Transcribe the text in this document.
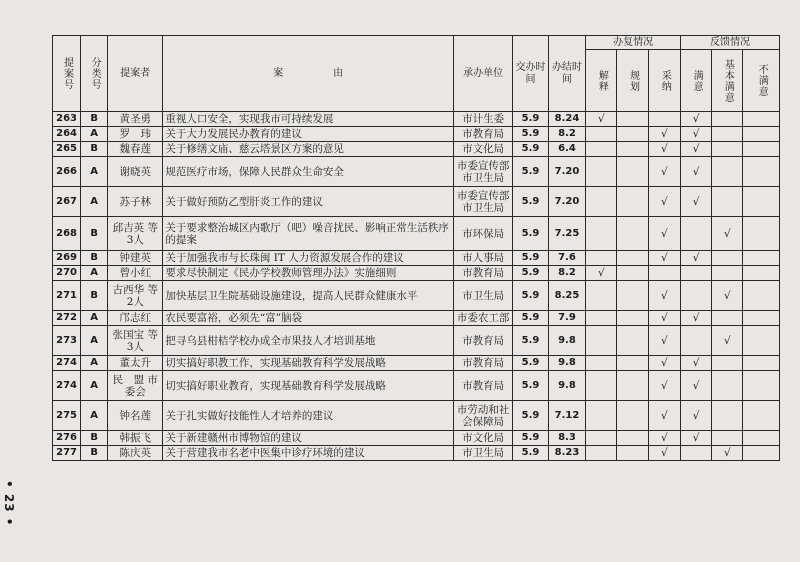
• 23 •
提案号	分类号	提案者	案　　　　　由	承办单位	交办时间	办结时间	办复情况			反馈情况		

							解释	规划	采纳	满意	基本满意	不满意

263	B	黄圣勇	重视人口安全，实现我市可持续发展	市计生委	5.9	8.24	√			√		
264	A	罗　玮	关于大力发展民办教育的建议	市教育局	5.9	8.2			√	√		
265	B	魏春莲	关于修缮文庙、慈云塔景区方案的意见	市文化局	5.9	6.4			√	√		
266	A	谢晓英	规范医疗市场，保障人民群众生命安全	市委宣传部 市卫生局	5.9	7.20			√	√		
267	A	苏子林	关于做好预防乙型肝炎工作的建议	市委宣传部 市卫生局	5.9	7.20			√	√		
268	B	邱吉英 等3人	关于要求整治城区内歌厅（吧）噪音扰民、影响正常生活秩序的提案	市环保局	5.9	7.25			√		√	
269	B	钟建英	关于加强我市与长珠闽 IT 人力资源发展合作的建议	市人事局	5.9	7.6			√	√		
270	A	曾小红	要求尽快制定《民办学校教师管理办法》实施细则	市教育局	5.9	8.2	√					
271	B	古西华 等2人	加快基层卫生院基础设施建设，提高人民群众健康水平	市卫生局	5.9	8.25			√		√	
272	A	邝志红	农民要富裕，必须先“富”脑袋	市委农工部	5.9	7.9			√	√		
273	A	张国宝 等3人	把寻乌县柑桔学校办成全市果技人才培训基地	市教育局	5.9	9.8			√		√	
274	A	董太升	切实搞好职教工作，实现基础教育科学发展战略	市教育局	5.9	9.8			√	√		
274	A	民　盟 市委会	切实搞好职业教育，实现基础教育科学发展战略	市教育局	5.9	9.8			√	√		
275	A	钟名莲	关于扎实做好技能性人才培养的建议	市劳动和社 会保障局	5.9	7.12			√	√		
276	B	韩振飞	关于新建赣州市博物馆的建议	市文化局	5.9	8.3			√	√		
277	B	陈庆英	关于营建我市名老中医集中诊疗环境的建议	市卫生局	5.9	8.23			√		√	
